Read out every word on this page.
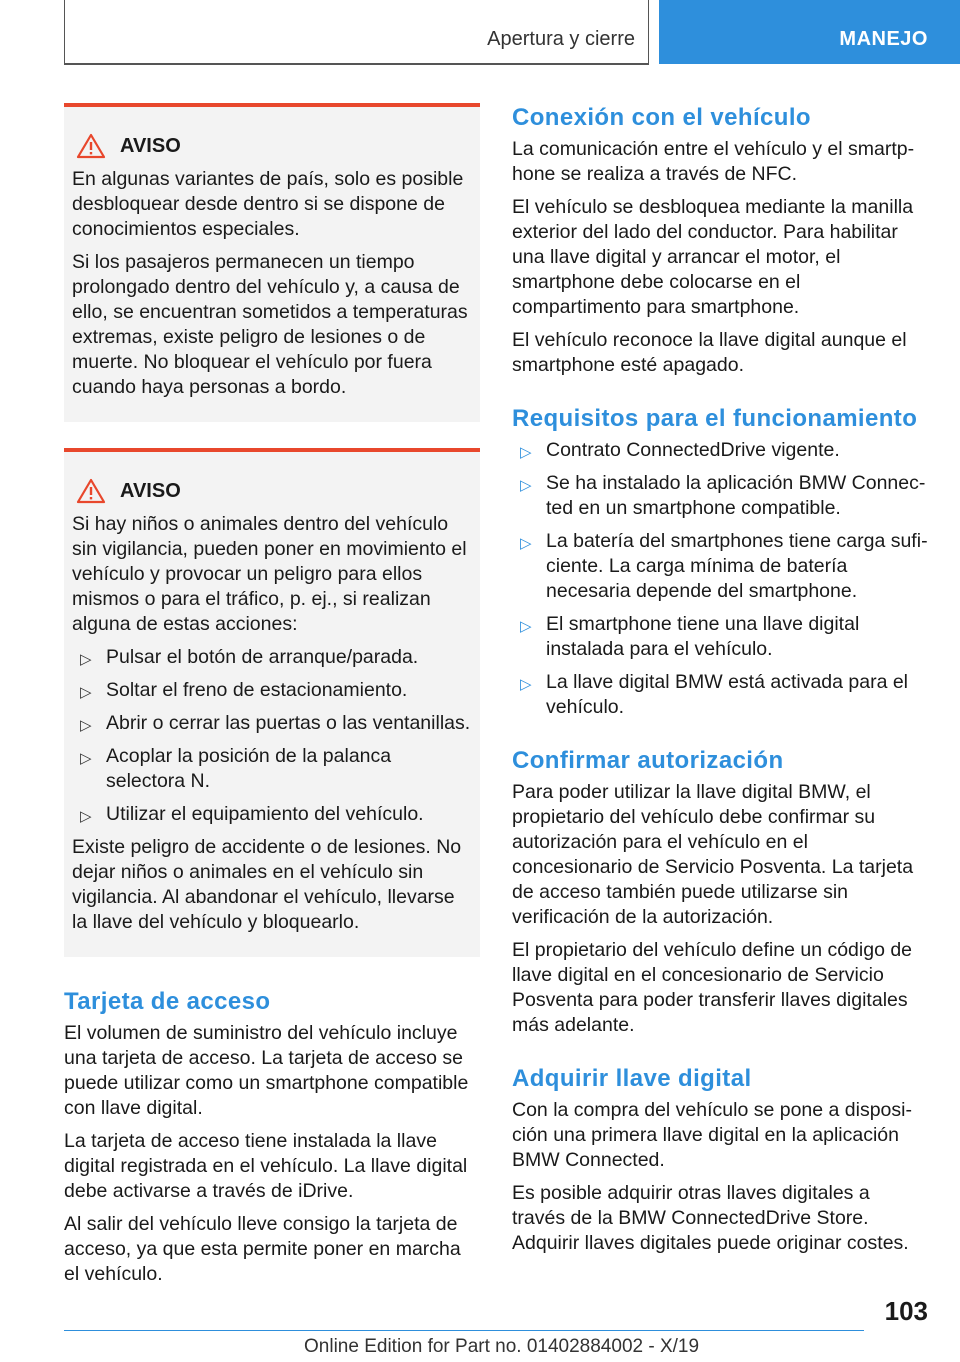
Apertura y cierre	MANEJO
AVISO

En algunas variantes de país, solo es posible desbloquear desde dentro si se dispone de conocimientos especiales.

Si los pasajeros permanecen un tiempo prolongado dentro del vehículo y, a causa de ello, se encuentran sometidos a temperaturas extremas, existe peligro de lesiones o de muerte. No bloquear el vehículo por fuera cuando haya personas a bordo.

AVISO

Si hay niños o animales dentro del vehículo sin vigilancia, pueden poner en movimiento el vehículo y provocar un peligro para ellos mismos o para el tráfico, p. ej., si realizan alguna de estas acciones:

▷ Pulsar el botón de arranque/parada.
▷ Soltar el freno de estacionamiento.
▷ Abrir o cerrar las puertas o las ventanillas.
▷ Acoplar la posición de la palanca selectora N.
▷ Utilizar el equipamiento del vehículo.

Existe peligro de accidente o de lesiones. No dejar niños o animales en el vehículo sin vigilancia. Al abandonar el vehículo, llevarse la llave del vehículo y bloquearlo.

Tarjeta de acceso

El volumen de suministro del vehículo incluye una tarjeta de acceso. La tarjeta de acceso se puede utilizar como un smartphone compatible con llave digital.

La tarjeta de acceso tiene instalada la llave digital registrada en el vehículo. La llave digital debe activarse a través de iDrive.

Al salir del vehículo lleve consigo la tarjeta de acceso, ya que esta permite poner en marcha el vehículo.

Conexión con el vehículo

La comunicación entre el vehículo y el smartphone se realiza a través de NFC.

El vehículo se desbloquea mediante la manilla exterior del lado del conductor. Para habilitar una llave digital y arrancar el motor, el smartphone debe colocarse en el compartimento para smartphone.

El vehículo reconoce la llave digital aunque el smartphone esté apagado.

Requisitos para el funcionamiento
▷ Contrato ConnectedDrive vigente.
▷ Se ha instalado la aplicación BMW Connected en un smartphone compatible.
▷ La batería del smartphones tiene carga suficiente. La carga mínima de batería necesaria depende del smartphone.
▷ El smartphone tiene una llave digital instalada para el vehículo.
▷ La llave digital BMW está activada para el vehículo.
Confirmar autorización

Para poder utilizar la llave digital BMW, el propietario del vehículo debe confirmar su autorización para el vehículo en el concesionario de Servicio Posventa. La tarjeta de acceso también puede utilizarse sin verificación de la autorización.

El propietario del vehículo define un código de llave digital en el concesionario de Servicio Posventa para poder transferir llaves digitales más adelante.

Adquirir llave digital

Con la compra del vehículo se pone a disposición una primera llave digital en la aplicación BMW Connected.

Es posible adquirir otras llaves digitales a través de la BMW ConnectedDrive Store. Adquirir llaves digitales puede originar costes.

103
Online Edition for Part no. 01402884002 - X/19
